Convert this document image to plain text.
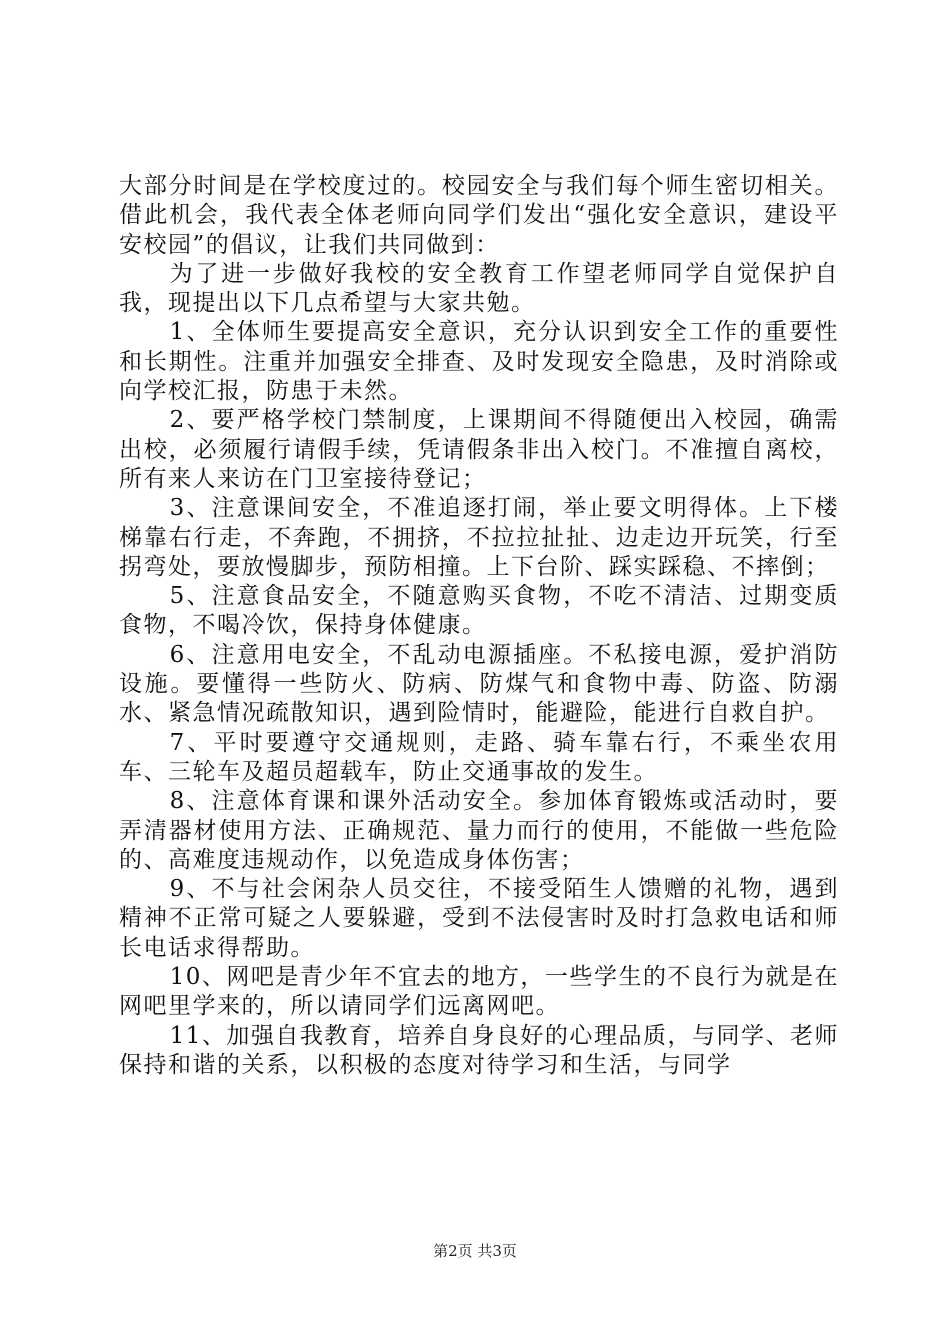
大部分时间是在学校度过的。校园安全与我们每个师生密切相关。借此机会，我代表全体老师向同学们发出“强化安全意识，建设平安校园”的倡议，让我们共同做到：

为了进一步做好我校的安全教育工作望老师同学自觉保护自我，现提出以下几点希望与大家共勉。

1、全体师生要提高安全意识，充分认识到安全工作的重要性和长期性。注重并加强安全排查、及时发现安全隐患，及时消除或向学校汇报，防患于未然。

2、要严格学校门禁制度，上课期间不得随便出入校园，确需出校，必须履行请假手续，凭请假条非出入校门。不准擅自离校，所有来人来访在门卫室接待登记；

3、注意课间安全，不准追逐打闹，举止要文明得体。上下楼梯靠右行走，不奔跑，不拥挤，不拉拉扯扯、边走边开玩笑，行至拐弯处，要放慢脚步，预防相撞。上下台阶、踩实踩稳、不摔倒；

5、注意食品安全，不随意购买食物，不吃不清洁、过期变质食物，不喝冷饮，保持身体健康。

6、注意用电安全，不乱动电源插座。不私接电源，爱护消防设施。要懂得一些防火、防病、防煤气和食物中毒、防盗、防溺水、紧急情况疏散知识，遇到险情时，能避险，能进行自救自护。

7、平时要遵守交通规则，走路、骑车靠右行，不乘坐农用车、三轮车及超员超载车，防止交通事故的发生。

8、注意体育课和课外活动安全。参加体育锻炼或活动时，要弄清器材使用方法、正确规范、量力而行的使用，不能做一些危险的、高难度违规动作，以免造成身体伤害；

9、不与社会闲杂人员交往，不接受陌生人馈赠的礼物，遇到精神不正常可疑之人要躲避，受到不法侵害时及时打急救电话和师长电话求得帮助。

10、网吧是青少年不宜去的地方，一些学生的不良行为就是在网吧里学来的，所以请同学们远离网吧。

11、加强自我教育，培养自身良好的心理品质，与同学、老师保持和谐的关系，以积极的态度对待学习和生活，与同学

第2页 共3页
